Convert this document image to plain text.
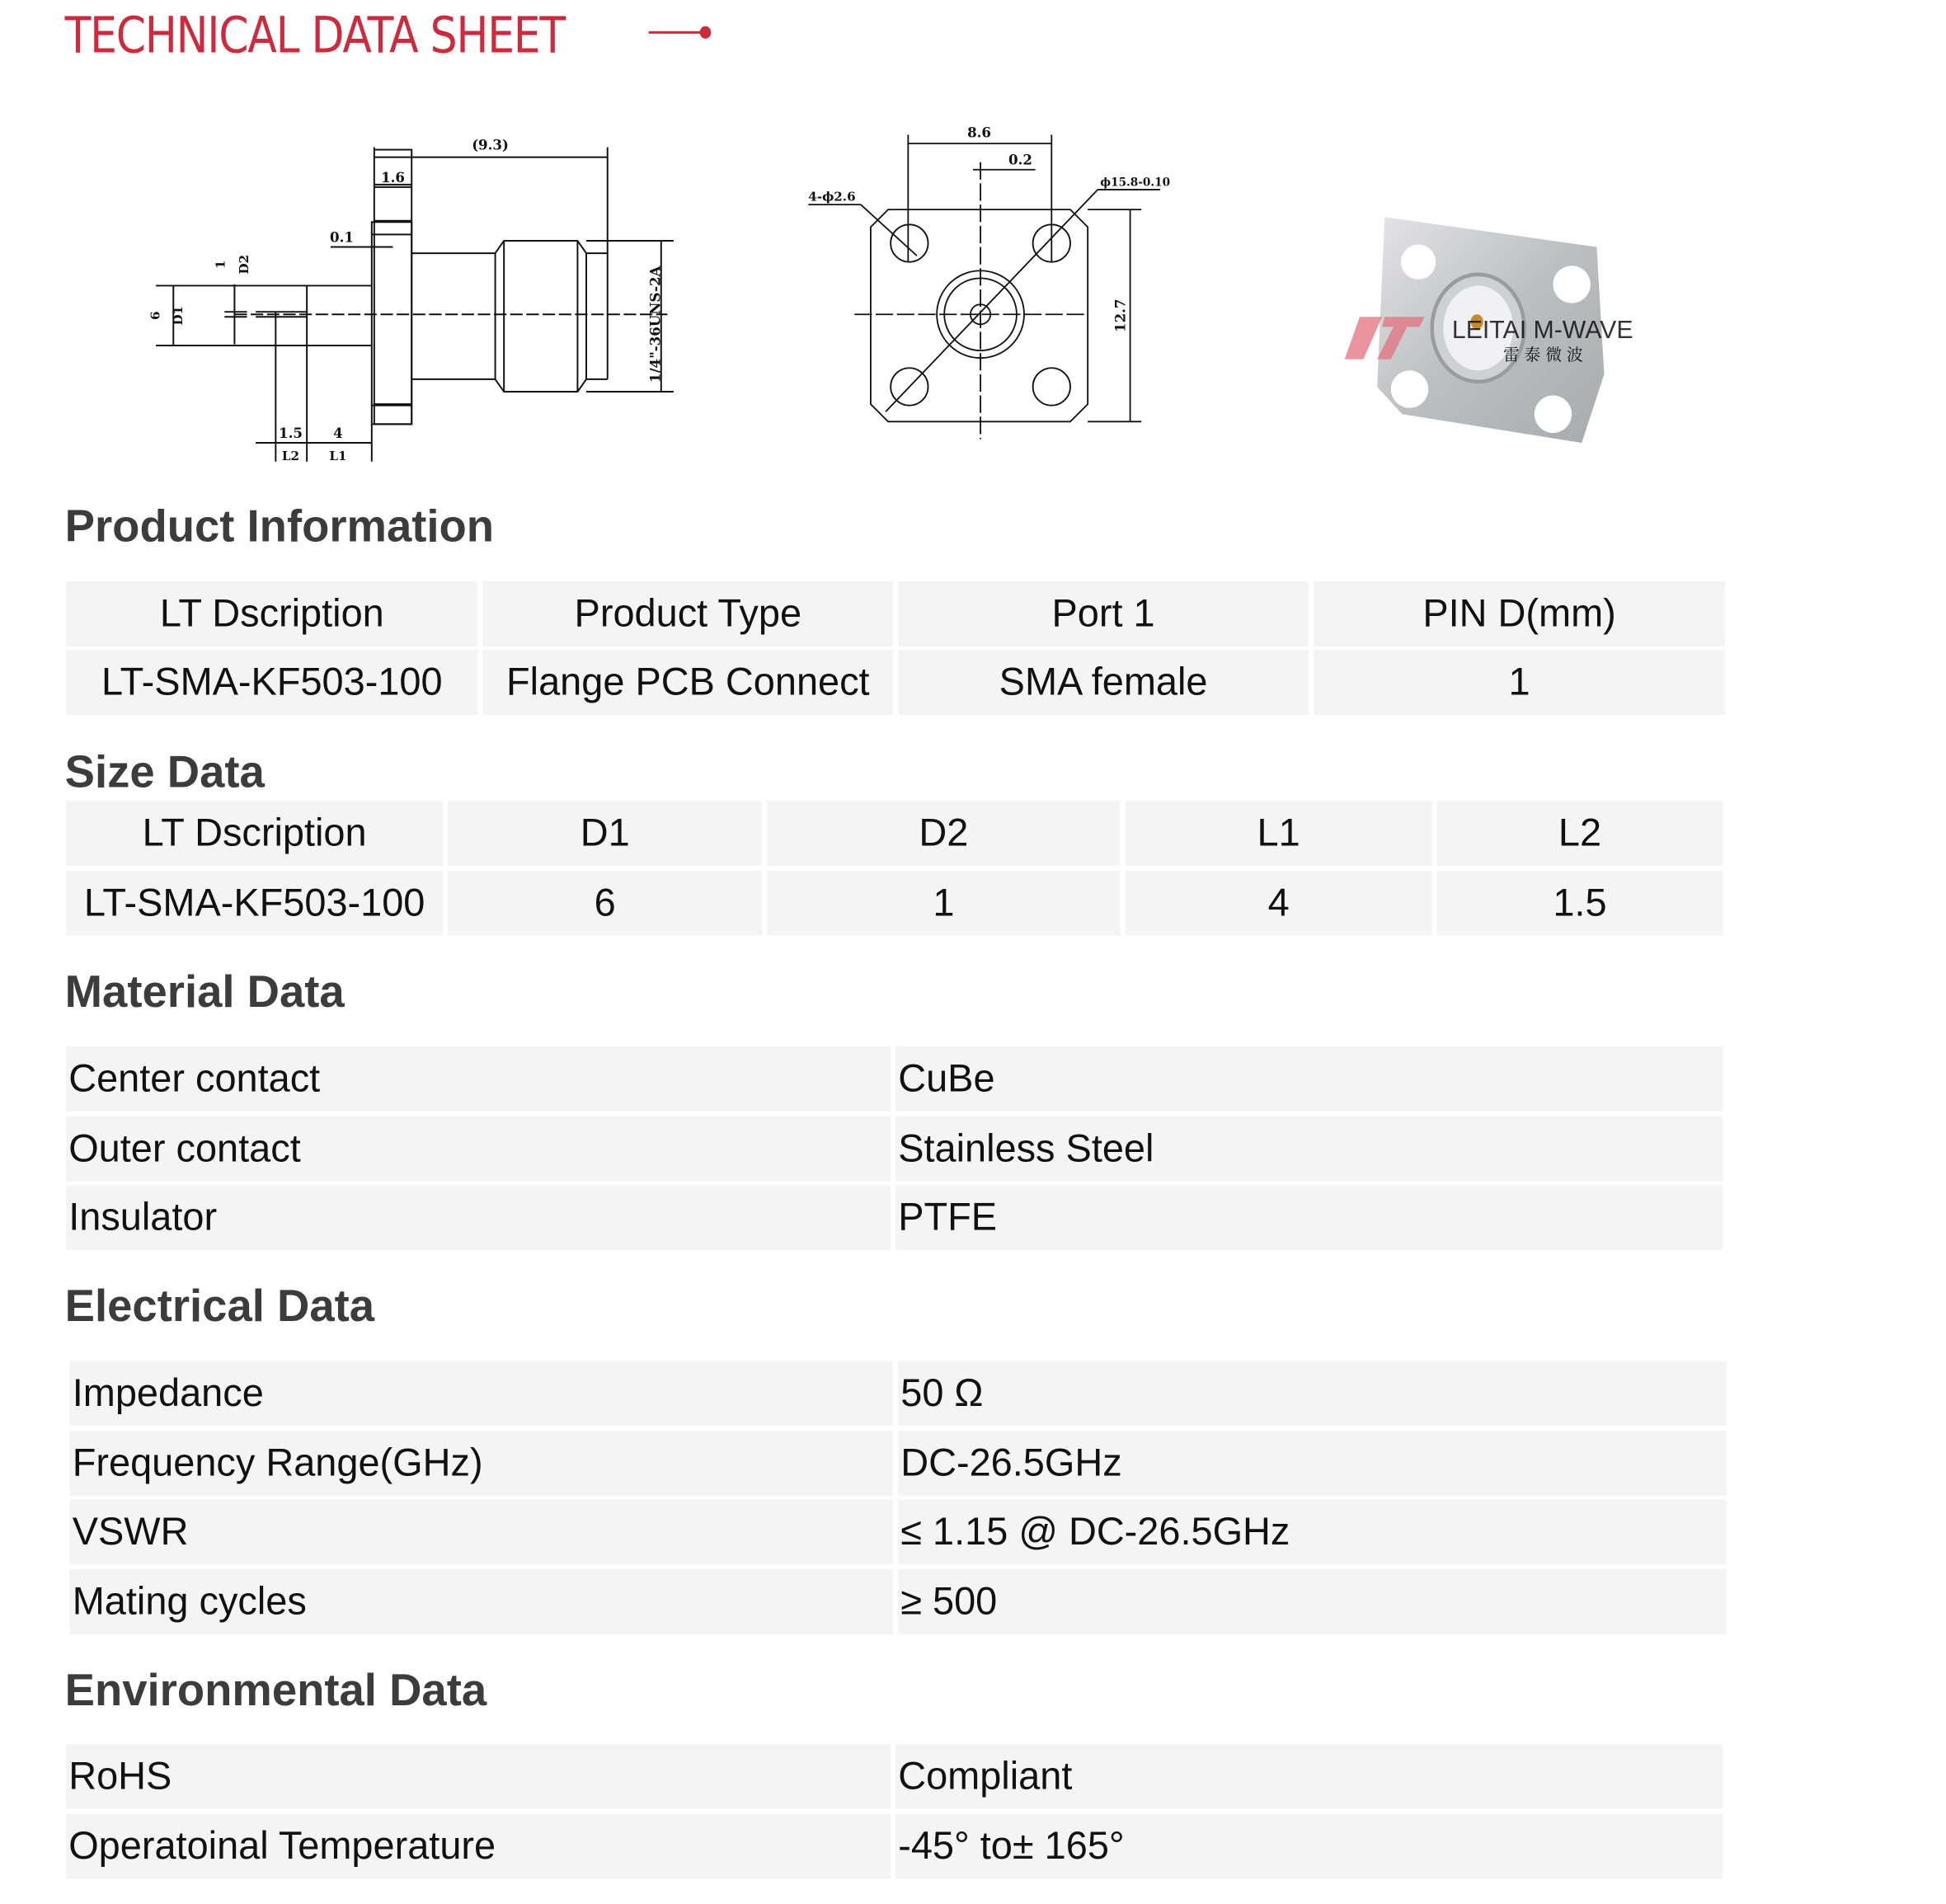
TECHNICAL DATA SHEET
(9.3)
1.6
0.1
1.5	4
L2	L1
6 D1
1 D2
1/4"-36UNS-2A
8.6
0.2
4-ϕ2.6
ϕ15.8-0.10
12.7	LEITAI M-WAVE
雷泰微波
Product Information
LT Dscription	Product Type	Port 1	PIN D(mm)
LT-SMA-KF503-100	Flange PCB Connect	SMA female	1
Size Data
LT Dscription	D1	D2	L1	L2
LT-SMA-KF503-100	6	1	4	1.5
Material Data
Center contact	CuBe
Outer contact	Stainless Steel
Insulator	PTFE
Electrical Data
Impedance	50 Ω
Frequency Range(GHz)	DC-26.5GHz
VSWR	≤ 1.15 @ DC-26.5GHz
Mating cycles	≥ 500
Environmental Data
RoHS	Compliant
Operatoinal Temperature	-45° to± 165°
